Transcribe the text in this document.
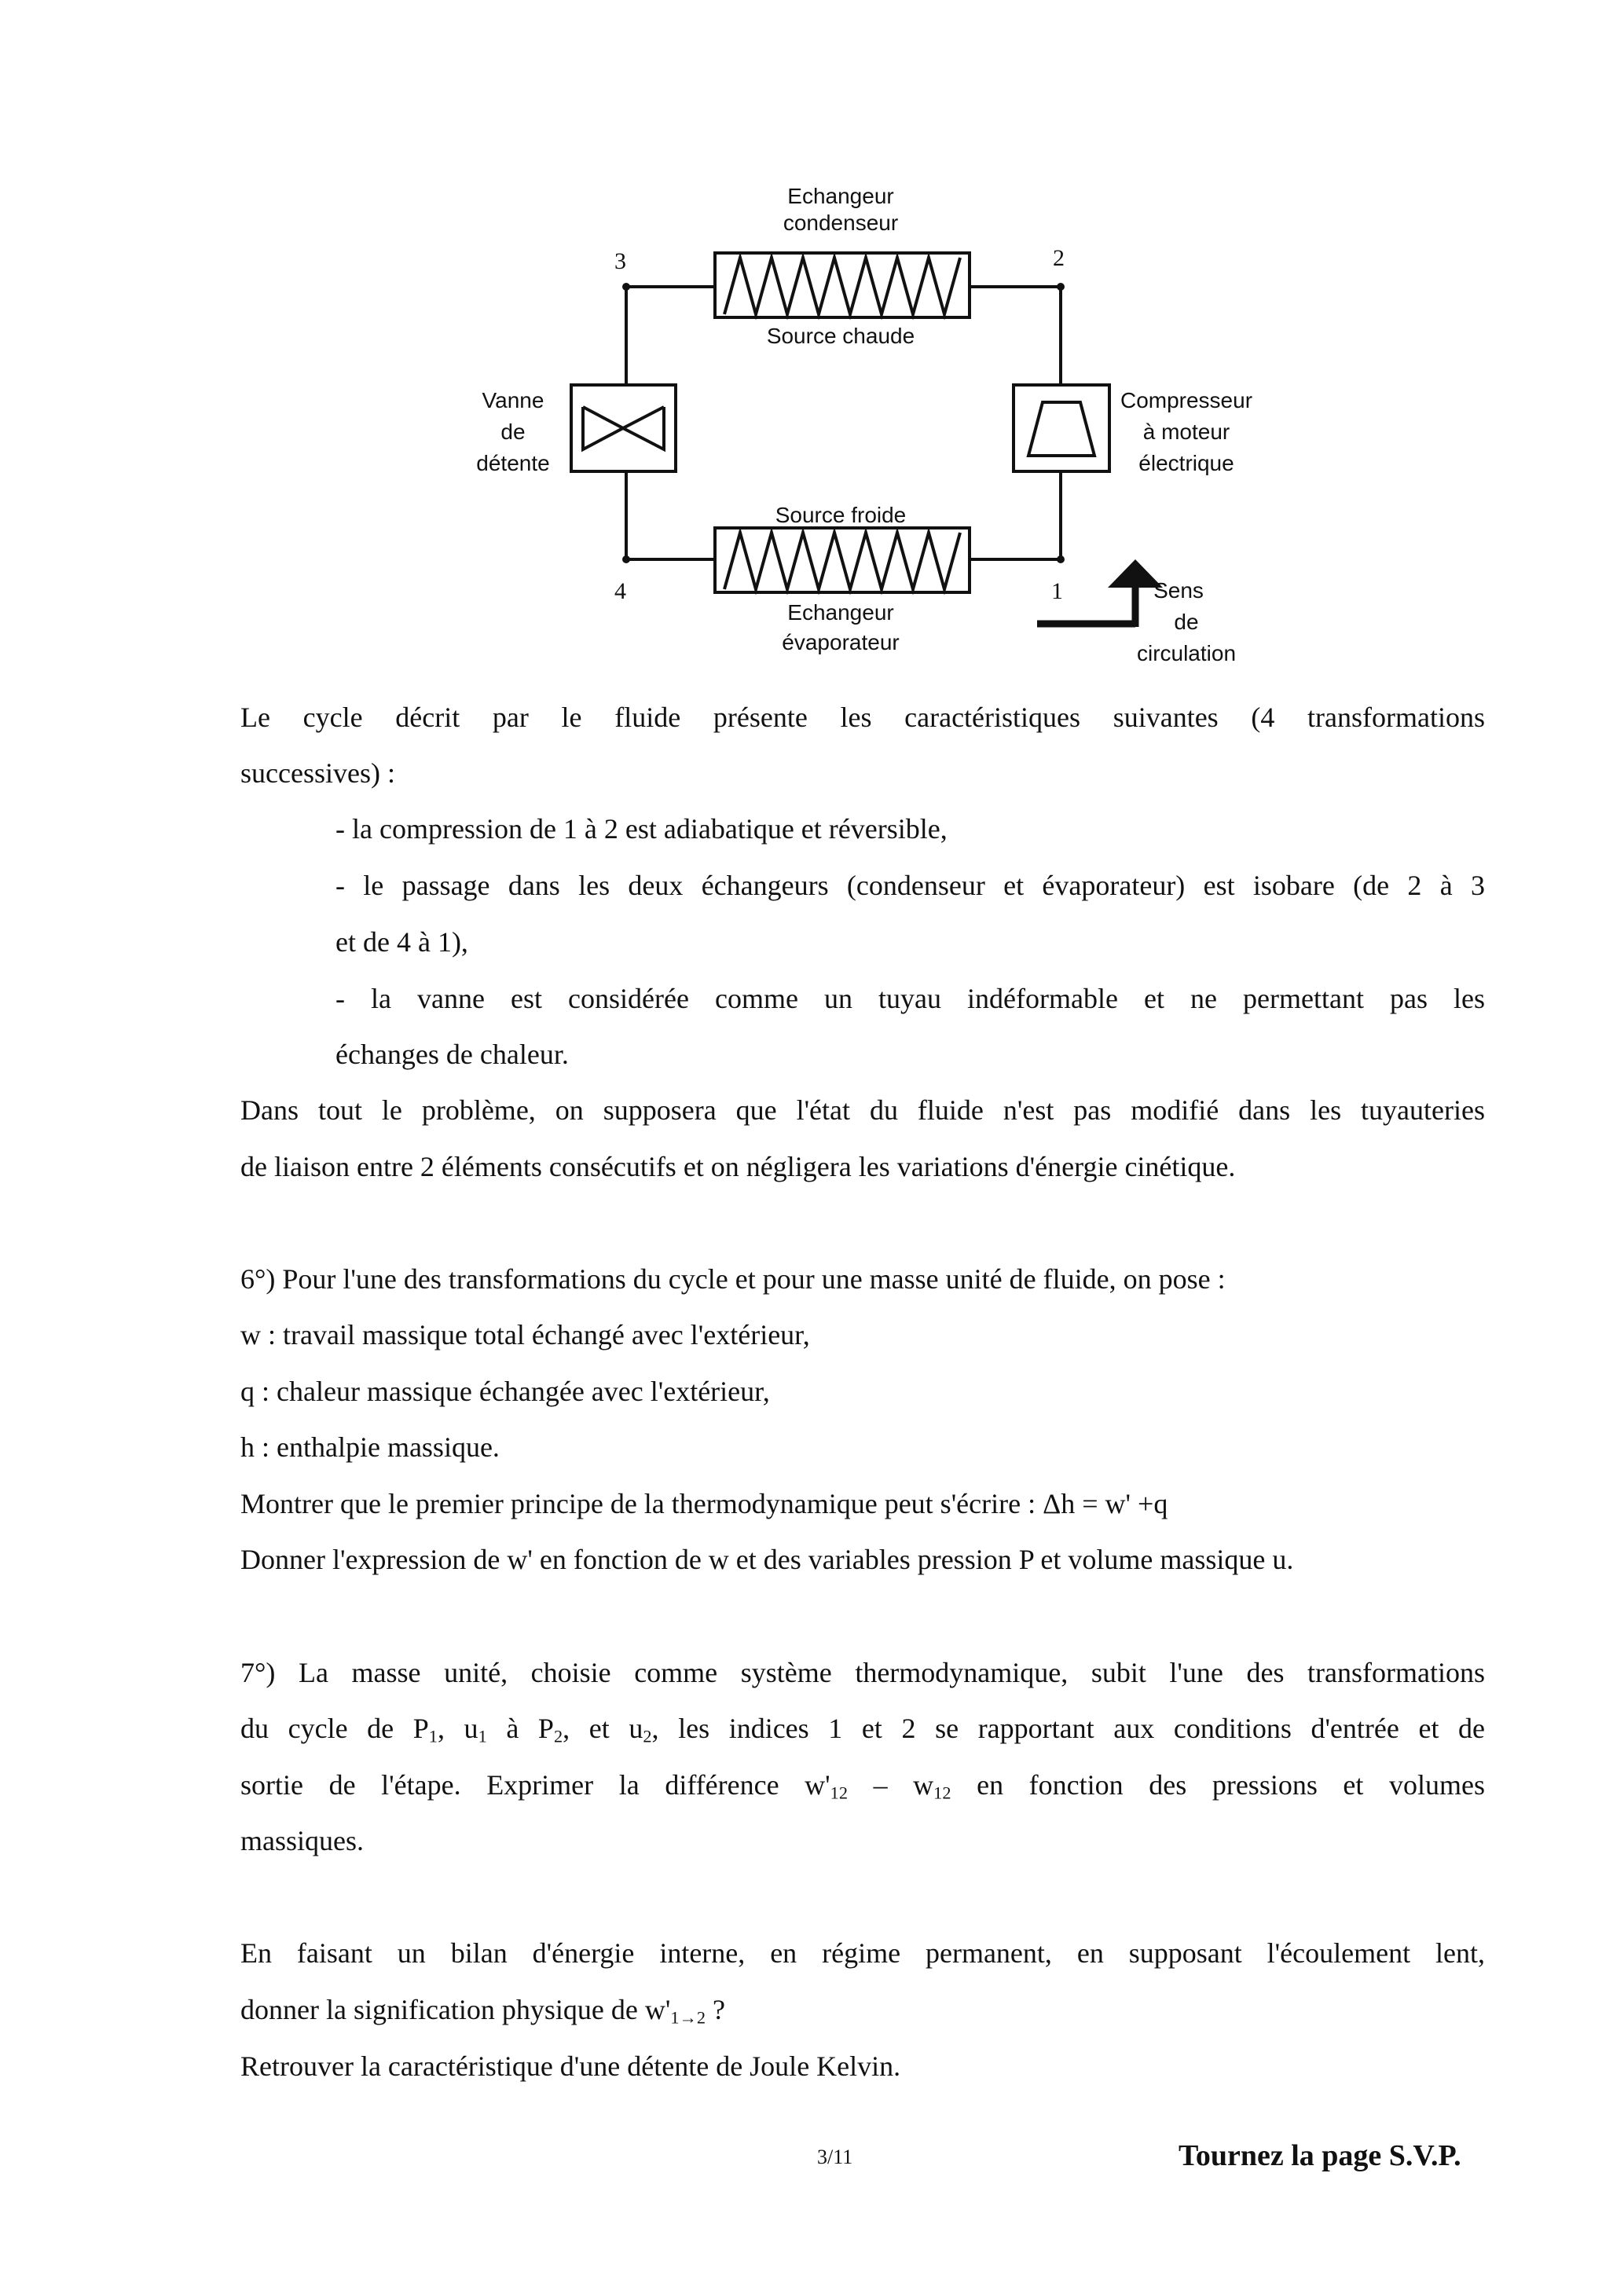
Echangeur
condenseur
Source chaude
Source froide
Echangeur
évaporateur
Vanne
de
détente
Compresseur
à moteur
électrique
Sens
de
circulation
3	2
4	1
Le cycle décrit par le fluide présente les caractéristiques suivantes (4 transformations
successives) :
- la compression de 1 à 2 est adiabatique et réversible,
- le passage dans les deux échangeurs (condenseur et évaporateur) est isobare (de 2 à 3
et de 4 à 1),
- la vanne est considérée comme un tuyau indéformable et ne permettant pas les
échanges de chaleur.
Dans tout le problème, on supposera que l'état du fluide n'est pas modifié dans les tuyauteries
de liaison entre 2 éléments consécutifs et on négligera les variations d'énergie cinétique.
6°) Pour l'une des transformations du cycle et pour une masse unité de fluide, on pose :
w : travail massique total échangé avec l'extérieur,
q : chaleur massique échangée avec l'extérieur,
h : enthalpie massique.
Montrer que le premier principe de la thermodynamique peut s'écrire : Δh = w' +q
Donner l'expression de w' en fonction de w et des variables pression P et volume massique u.
7°) La masse unité, choisie comme système thermodynamique, subit l'une des transformations
du cycle de $P_1$, $u_1$ à $P_2$, et $u_2$, les indices 1 et 2 se rapportant aux conditions d'entrée et de
sortie de l'étape. Exprimer la différence $w'_{12} - w_{12}$ en fonction des pressions et volumes
massiques.
En faisant un bilan d'énergie interne, en régime permanent, en supposant l'écoulement lent,
donner la signification physique de $w'_{1\to 2}$ ?
Retrouver la caractéristique d'une détente de Joule Kelvin.
3/11	Tournez la page S.V.P.
